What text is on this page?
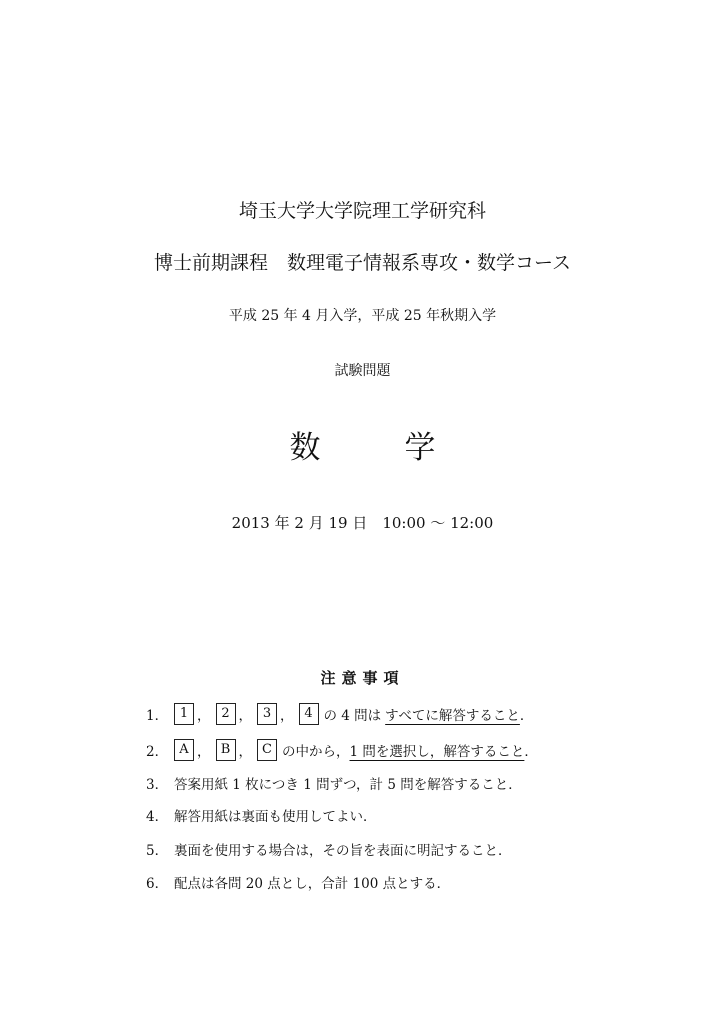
埼玉大学大学院理工学研究科
博士前期課程　数理電子情報系専攻・数学コース
平成 25 年 4 月入学，平成 25 年秋期入学
試験問題
数	学
2013 年 2 月 19 日　10:00 〜 12:00
注意事項
1． 1 ， 2 ， 3 ， 4 の 4 問は すべてに解答すること ．
2． A ， B ， C の中から， 1 問を選択し，解答すること ．
3． 答案用紙 1 枚につき 1 問ずつ，計 5 問を解答すること．
4． 解答用紙は裏面も使用してよい．
5． 裏面を使用する場合は，その旨を表面に明記すること．
6． 配点は各問 20 点とし，合計 100 点とする．
